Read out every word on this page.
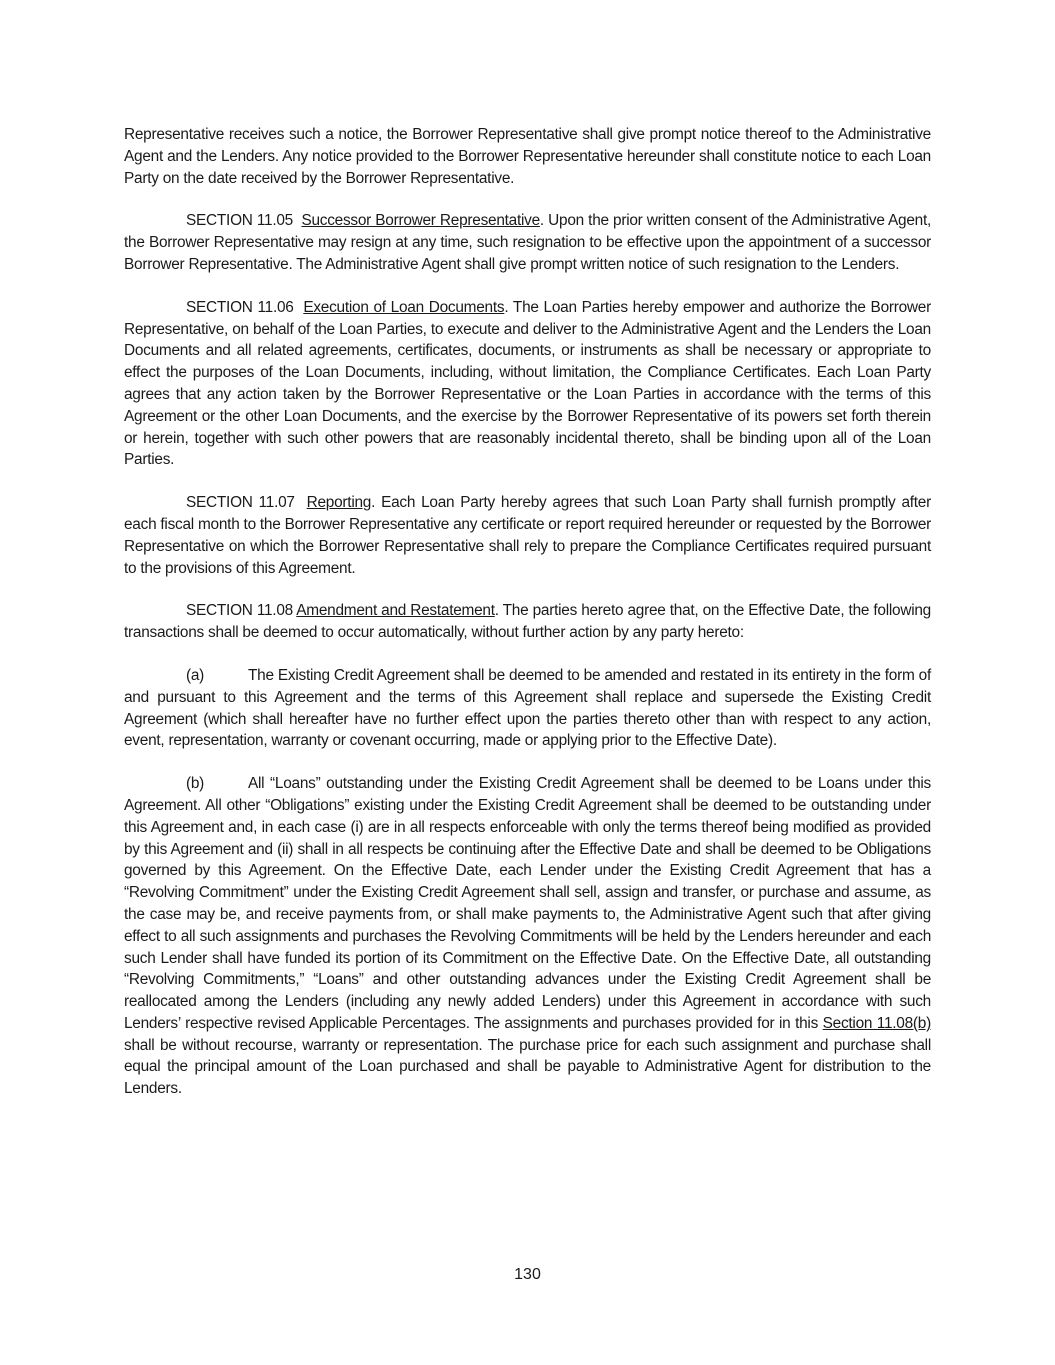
Representative receives such a notice, the Borrower Representative shall give prompt notice thereof to the Administrative Agent and the Lenders. Any notice provided to the Borrower Representative hereunder shall constitute notice to each Loan Party on the date received by the Borrower Representative.

SECTION 11.05 Successor Borrower Representative. Upon the prior written consent of the Administrative Agent, the Borrower Representative may resign at any time, such resignation to be effective upon the appointment of a successor Borrower Representative. The Administrative Agent shall give prompt written notice of such resignation to the Lenders.

SECTION 11.06 Execution of Loan Documents. The Loan Parties hereby empower and authorize the Borrower Representative, on behalf of the Loan Parties, to execute and deliver to the Administrative Agent and the Lenders the Loan Documents and all related agreements, certificates, documents, or instruments as shall be necessary or appropriate to effect the purposes of the Loan Documents, including, without limitation, the Compliance Certificates. Each Loan Party agrees that any action taken by the Borrower Representative or the Loan Parties in accordance with the terms of this Agreement or the other Loan Documents, and the exercise by the Borrower Representative of its powers set forth therein or herein, together with such other powers that are reasonably incidental thereto, shall be binding upon all of the Loan Parties.

SECTION 11.07 Reporting. Each Loan Party hereby agrees that such Loan Party shall furnish promptly after each fiscal month to the Borrower Representative any certificate or report required hereunder or requested by the Borrower Representative on which the Borrower Representative shall rely to prepare the Compliance Certificates required pursuant to the provisions of this Agreement.

SECTION 11.08 Amendment and Restatement. The parties hereto agree that, on the Effective Date, the following transactions shall be deemed to occur automatically, without further action by any party hereto:

(a)	The Existing Credit Agreement shall be deemed to be amended and restated in its entirety in the form of and pursuant to this Agreement and the terms of this Agreement shall replace and supersede the Existing Credit Agreement (which shall hereafter have no further effect upon the parties thereto other than with respect to any action, event, representation, warranty or covenant occurring, made or applying prior to the Effective Date).

(b)	All “Loans” outstanding under the Existing Credit Agreement shall be deemed to be Loans under this Agreement. All other “Obligations” existing under the Existing Credit Agreement shall be deemed to be outstanding under this Agreement and, in each case (i) are in all respects enforceable with only the terms thereof being modified as provided by this Agreement and (ii) shall in all respects be continuing after the Effective Date and shall be deemed to be Obligations governed by this Agreement. On the Effective Date, each Lender under the Existing Credit Agreement that has a “Revolving Commitment” under the Existing Credit Agreement shall sell, assign and transfer, or purchase and assume, as the case may be, and receive payments from, or shall make payments to, the Administrative Agent such that after giving effect to all such assignments and purchases the Revolving Commitments will be held by the Lenders hereunder and each such Lender shall have funded its portion of its Commitment on the Effective Date. On the Effective Date, all outstanding “Revolving Commitments,” “Loans” and other outstanding advances under the Existing Credit Agreement shall be reallocated among the Lenders (including any newly added Lenders) under this Agreement in accordance with such Lenders’ respective revised Applicable Percentages. The assignments and purchases provided for in this Section 11.08(b) shall be without recourse, warranty or representation. The purchase price for each such assignment and purchase shall equal the principal amount of the Loan purchased and shall be payable to Administrative Agent for distribution to the Lenders.

130
